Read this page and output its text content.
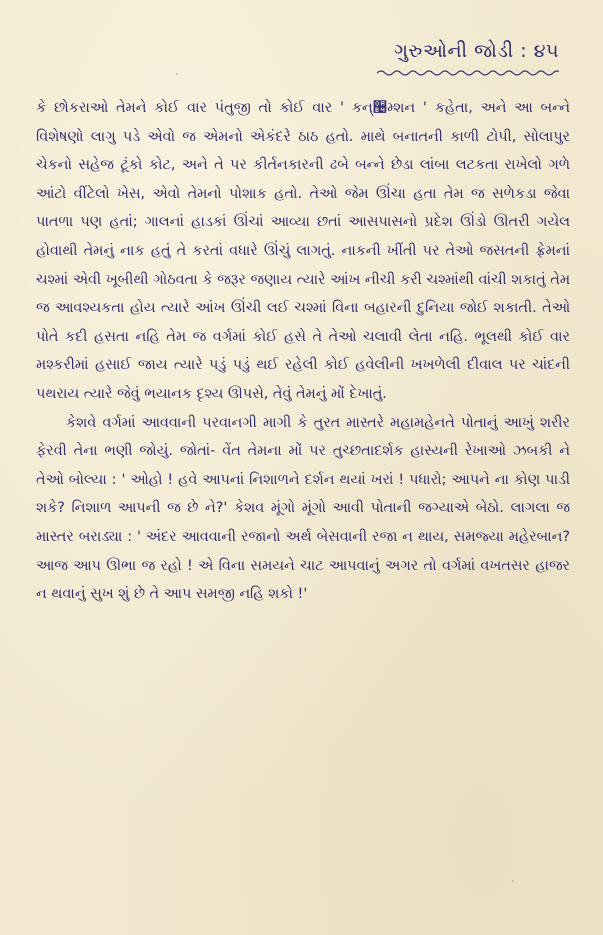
ગુરુઓની જોડી : ૪૫

કે છોકરાઓ તેમને કોઈ વાર પંતુજી તો કોઈ વાર ' કન્઴મ્શન ' કહેતા, અને આ બન્ને વિશેષણો લાગુ પડે એવો જ એમનો એકંદરે ઠાઠ હતો. માથે બનાતની કાળી ટોપી, સોલાપુર ચેકનો સહેજ ટૂંકો કોટ, અને તે પર કીર્તનકારની ઢબે બન્ને છેડા લાંબા લટકતા રાખેલો ગળે આંટો વીંટેલો ખેસ, એવો તેમનો પોશાક હતો. તેઓ જેમ ઊંચા હતા તેમ જ સળેકડા જેવા પાતળા પણ હતાં; ગાલનાં હાડકાં ઊંચાં આવ્યા છતાં આસપાસનો પ્રદેશ ઊંડો ઊતરી ગયેલ હોવાથી તેમનું નાક હતું તે કરતાં વધારે ઊંચું લાગતું. નાકની ખીંતી પર તેઓ જસતની ફ્રેમનાં ચશ્માં એવી ખૂબીથી ગોઠવતા કે જરૂર જણાય ત્યારે આંખ નીચી કરી ચશ્માંથી વાંચી શકાતું તેમ જ આવશ્યકતા હોય ત્યારે આંખ ઊંચી લઈ ચશ્માં વિના બહારની દુનિયા જોઈ શકાતી. તેઓ પોતે કદી હસતા નહિ તેમ જ વર્ગમાં કોઈ હસે તે તેઓ ચલાવી લેતા નહિ. ભૂલથી કોઈ વાર મશ્કરીમાં હસાઈ જાય ત્યારે પડું પડું થઈ રહેલી કોઈ હવેલીની ખખળેલી દીવાલ પર ચાંદની પથરાય ત્યારે જેવું ભયાનક દૃશ્ય ઊપસે, તેવું તેમનું મોં દેખાતું.

કેશવે વર્ગમાં આવવાની પરવાનગી માગી કે તુરત માસ્તરે મહામહેનતે પોતાનું આખું શરીર ફેરવી તેના ભણી જોયું. જોતાં- વેંત તેમના મોં પર તુચ્છતાદર્શક હાસ્યની રેખાઓ ઝબકી ને તેઓ બોલ્યા : ' ઓહો ! હવે આપનાં નિશાળને દર્શન થયાં ખરાં ! પધારો; આપને ના કોણ પાડી શકે? નિશાળ આપની જ છે ને?' કેશવ મૂંગો મૂંગો આવી પોતાની જગ્યાએ બેઠો. લાગલા જ માસ્તર બરાડ્યા : ' અંદર આવવાની રજાનો અર્થ બેસવાની રજા ન થાય, સમજ્યા મહેરબાન? આજ આપ ઊભા જ રહો ! એ વિના સમયને ચાટ આપવાનું અગર તો વર્ગમાં વખતસર હાજર ન થવાનું સુખ શું છે તે આપ સમજી નહિ શકો !'
